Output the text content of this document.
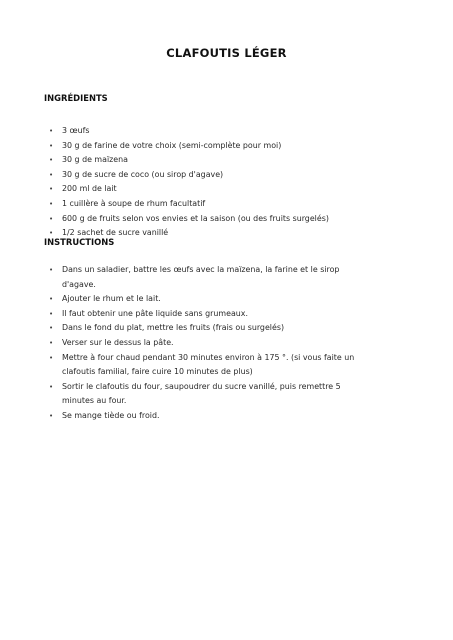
CLAFOUTIS LÉGER
INGRÉDIENTS
• 3 œufs
• 30 g de farine de votre choix (semi-complète pour moi)
• 30 g de maïzena
• 30 g de sucre de coco (ou sirop d'agave)
• 200 ml de lait
• 1 cuillère à soupe de rhum facultatif
• 600 g de fruits selon vos envies et la saison (ou des fruits surgelés)
• 1/2 sachet de sucre vanillé
INSTRUCTIONS
• Dans un saladier, battre les œufs avec la maïzena, la farine et le sirop d'agave.
• Ajouter le rhum et le lait.
• Il faut obtenir une pâte liquide sans grumeaux.
• Dans le fond du plat, mettre les fruits (frais ou surgelés)
• Verser sur le dessus la pâte.
• Mettre à four chaud pendant 30 minutes environ à 175 °. (si vous faite un clafoutis familial, faire cuire 10 minutes de plus)
• Sortir le clafoutis du four, saupoudrer du sucre vanillé, puis remettre 5 minutes au four.
• Se mange tiède ou froid.
